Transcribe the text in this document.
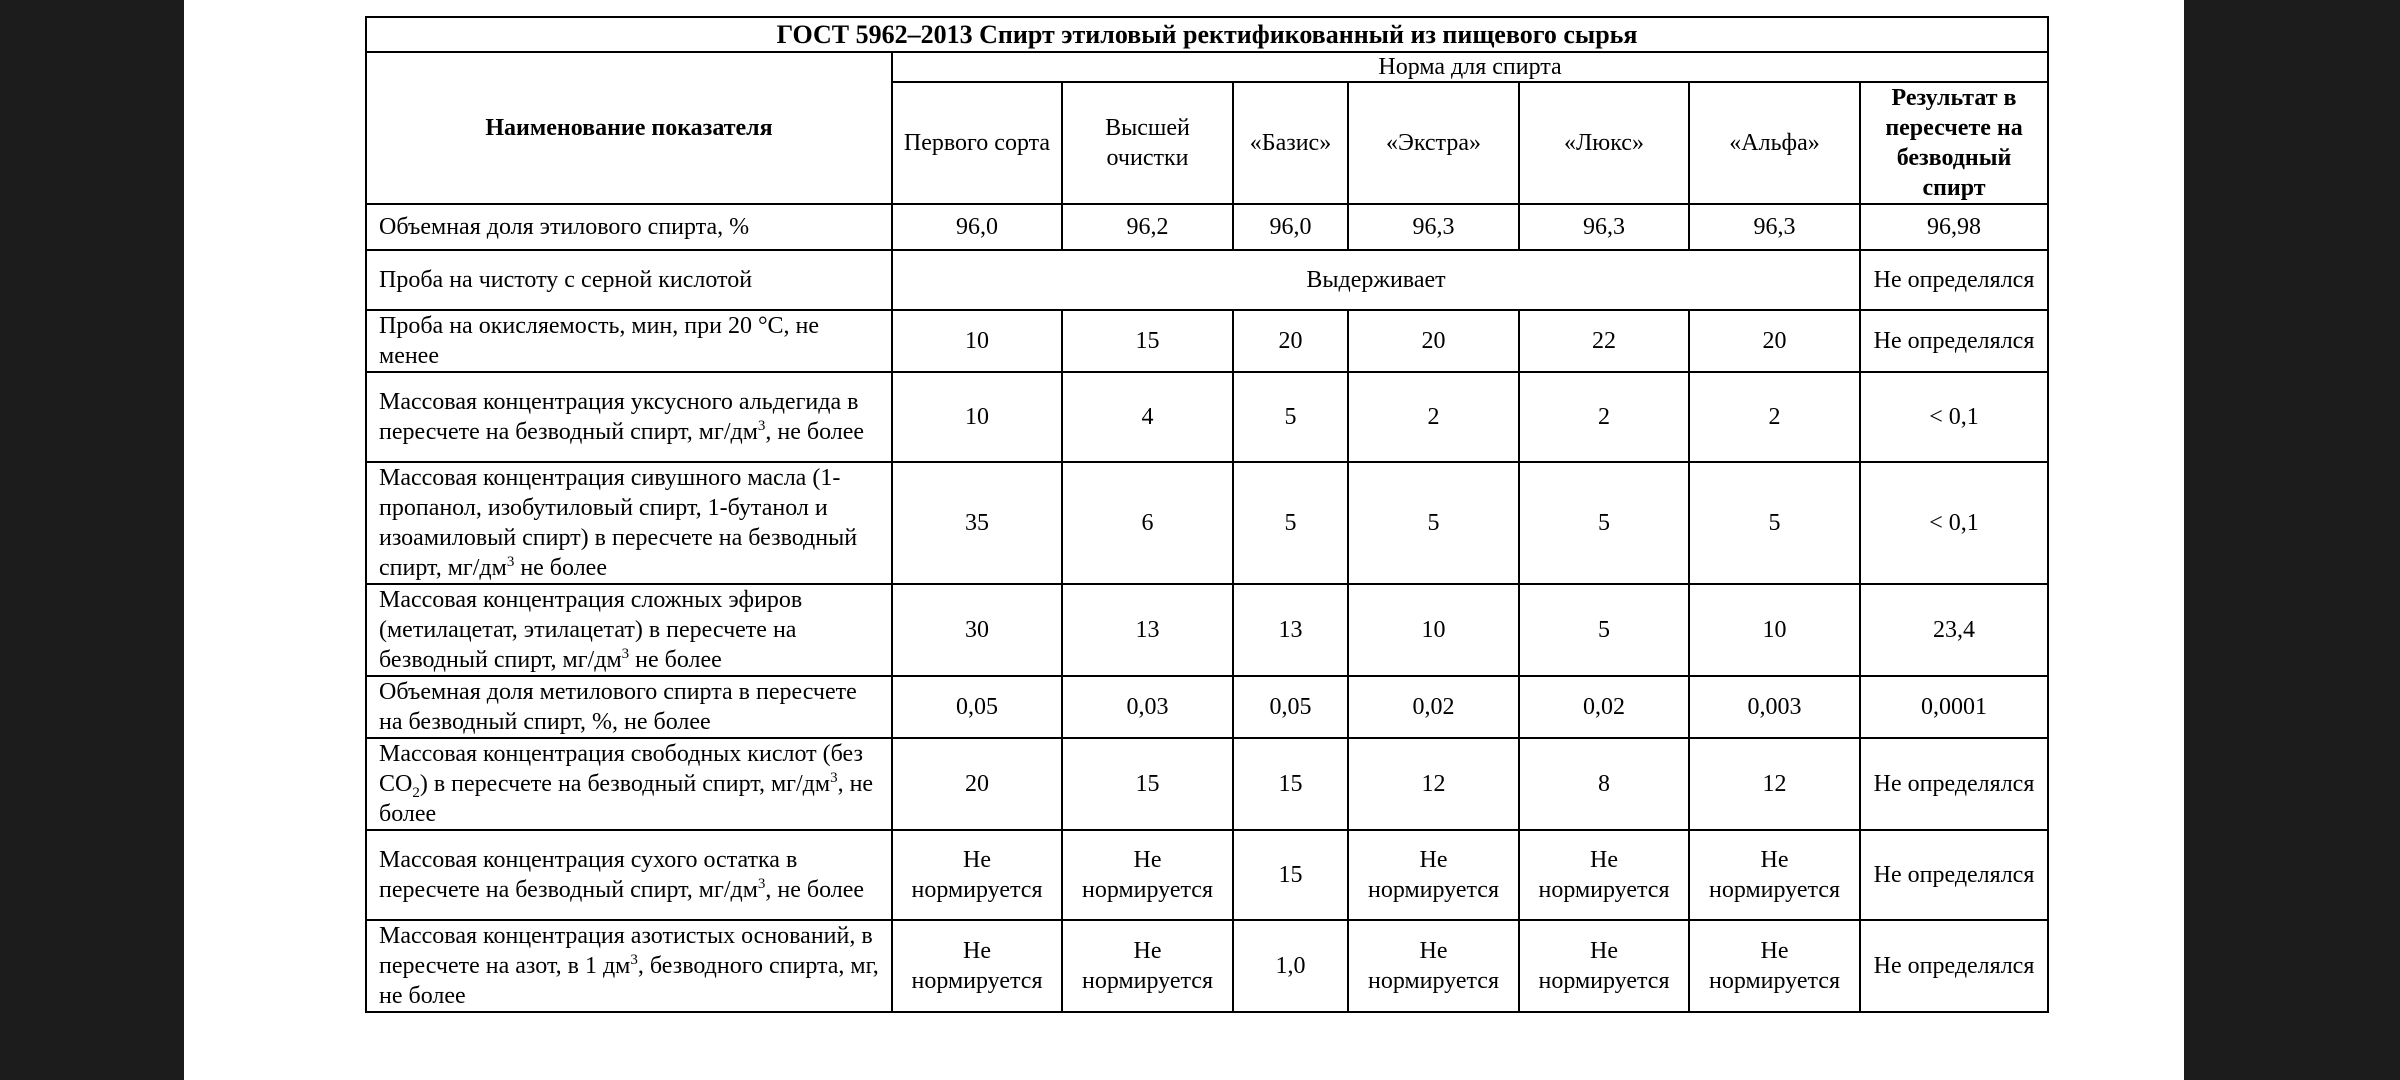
ГОСТ 5962–2013 Спирт этиловый ректификованный из пищевого сырья							
Наименование показателя	Норма для спирта						
	Первого сорта	Высшей очистки	«Базис»	«Экстра»	«Люкс»	«Альфа»	Результат в пересчете на безводный спирт
Объемная доля этилового спирта, %	96,0	96,2	96,0	96,3	96,3	96,3	96,98
Проба на чистоту с серной кислотой	Выдерживает						Не определялся
Проба на окисляемость, мин, при 20 °С, не менее	10	15	20	20	22	20	Не определялся
Массовая концентрация уксусного альдегида в пересчете на безводный спирт, $мг/дм^3$, не более	10	4	5	2	2	2	< 0,1
Массовая концентрация сивушного масла (1-пропанол, изобутиловый спирт, 1-бутанол и изоамиловый спирт) в пересчете на безводный спирт, $мг/дм^3$ не более	35	6	5	5	5	5	< 0,1
Массовая концентрация сложных эфиров (метилацетат, этилацетат) в пересчете на безводный спирт, $мг/дм^3$ не более	30	13	13	10	5	10	23,4
Объемная доля метилового спирта в пересчете на безводный спирт, %, не более	0,05	0,03	0,05	0,02	0,02	0,003	0,0001
Массовая концентрация свободных кислот (без $СО_2$) в пересчете на безводный спирт, $мг/дм^3$, не более	20	15	15	12	8	12	Не определялся
Массовая концентрация сухого остатка в пересчете на безводный спирт, $мг/дм^3$, не более	Не нормируется	Не нормируется	15	Не нормируется	Не нормируется	Не нормируется	Не определялся
Массовая концентрация азотистых оснований, в пересчете на азот, в 1 $дм^3$, безводного спирта, мг, не более	Не нормируется	Не нормируется	1,0	Не нормируется	Не нормируется	Не нормируется	Не определялся
